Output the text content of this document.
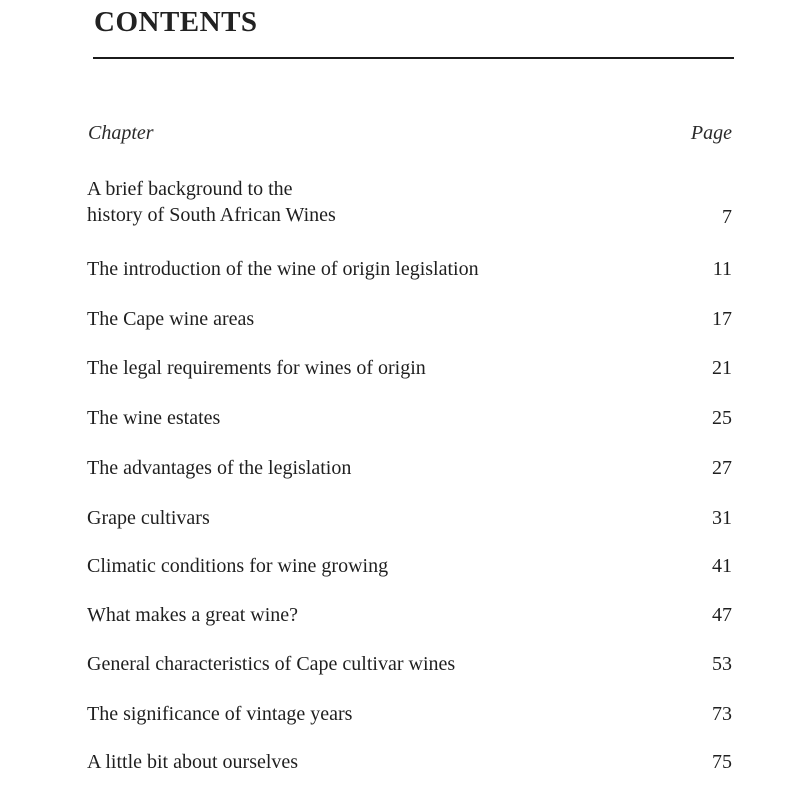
CONTENTS
Chapter	Page
A brief background to the
history of South African Wines	7
The introduction of the wine of origin legislation	11
The Cape wine areas	17
The legal requirements for wines of origin	21
The wine estates	25
The advantages of the legislation	27
Grape cultivars	31
Climatic conditions for wine growing	41
What makes a great wine?	47
General characteristics of Cape cultivar wines	53
The significance of vintage years	73
A little bit about ourselves	75
